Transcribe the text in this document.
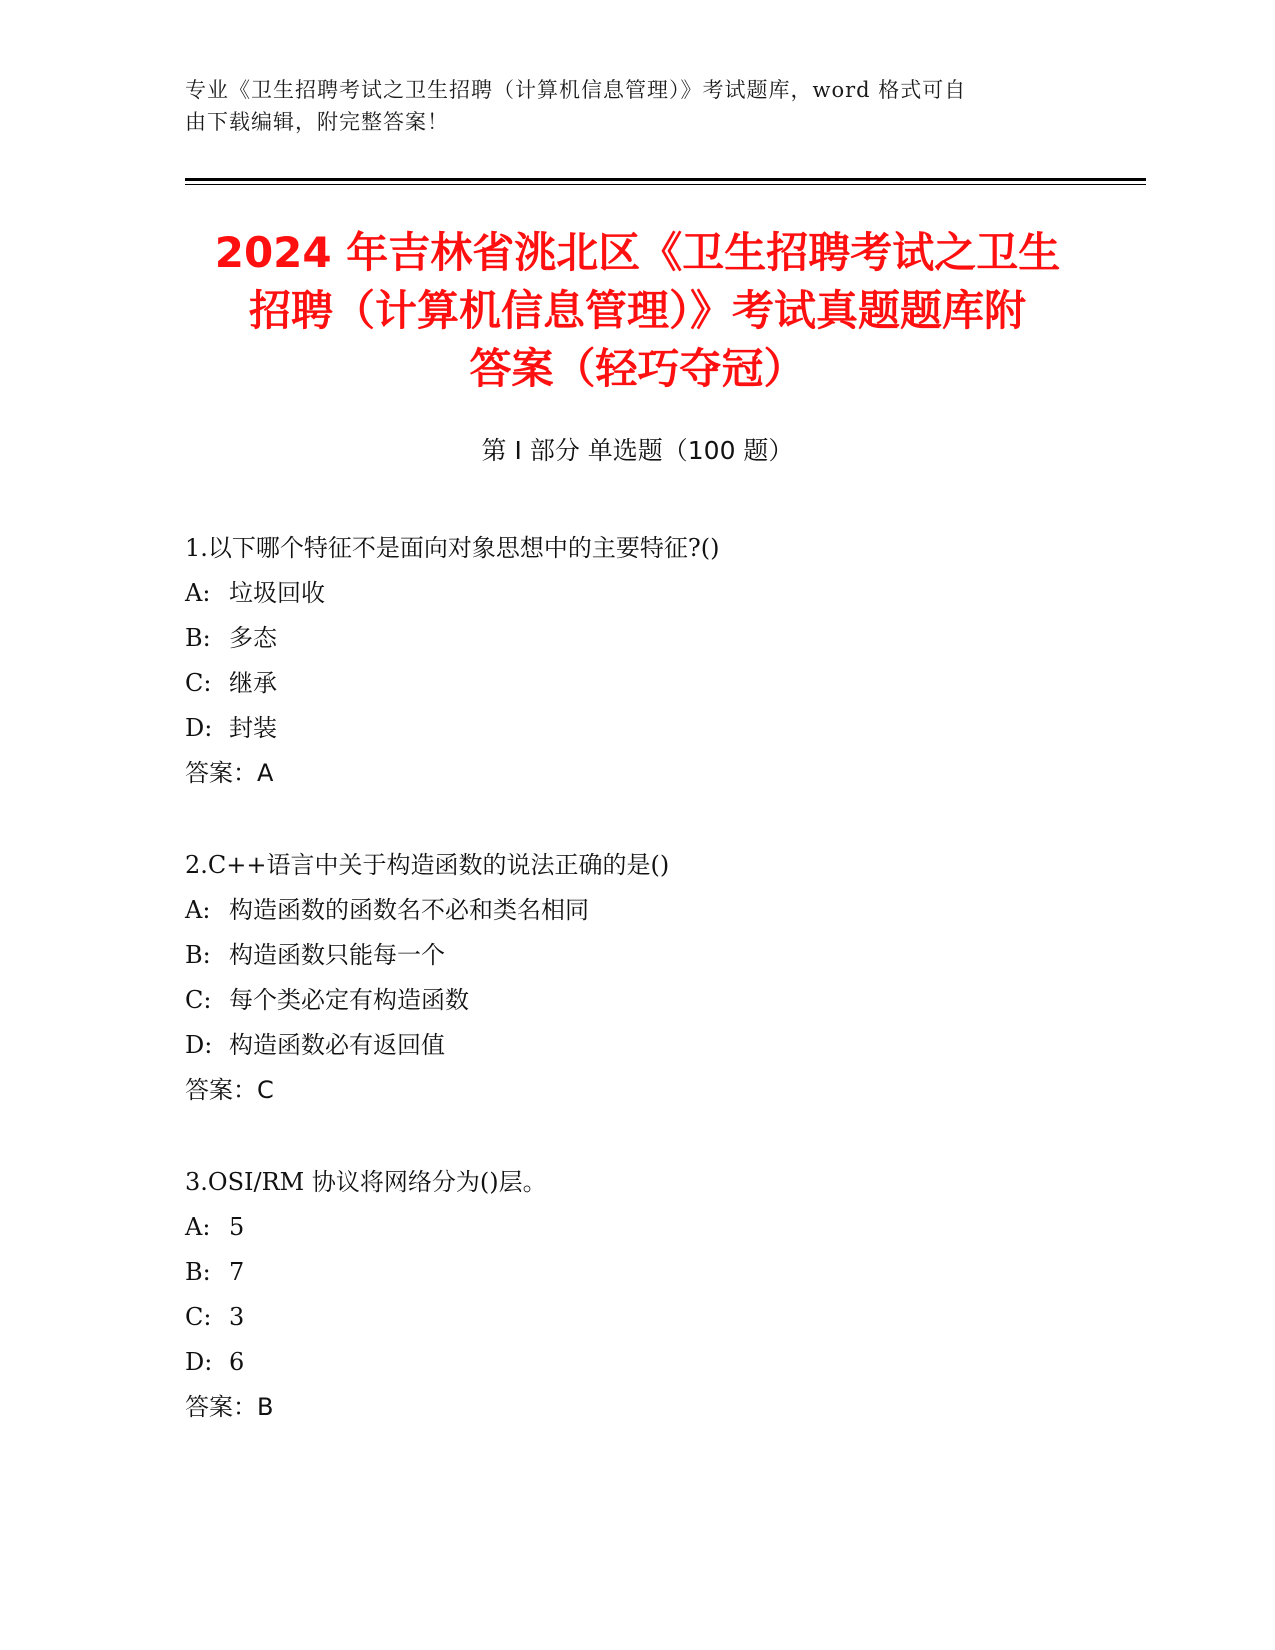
专业《卫生招聘考试之卫生招聘（计算机信息管理）》考试题库，word 格式可自
由下载编辑，附完整答案！
2024 年吉林省洮北区《卫生招聘考试之卫生
招聘（计算机信息管理）》考试真题题库附
答案（轻巧夺冠）
第 I 部分 单选题（100 题）
1.以下哪个特征不是面向对象思想中的主要特征?()
A: 垃圾回收
B: 多态
C: 继承
D: 封装
答案：A
2.C++语言中关于构造函数的说法正确的是()
A: 构造函数的函数名不必和类名相同
B: 构造函数只能每一个
C: 每个类必定有构造函数
D: 构造函数必有返回值
答案：C
3.OSI/RM 协议将网络分为()层。
A: 5
B: 7
C: 3
D: 6
答案：B
